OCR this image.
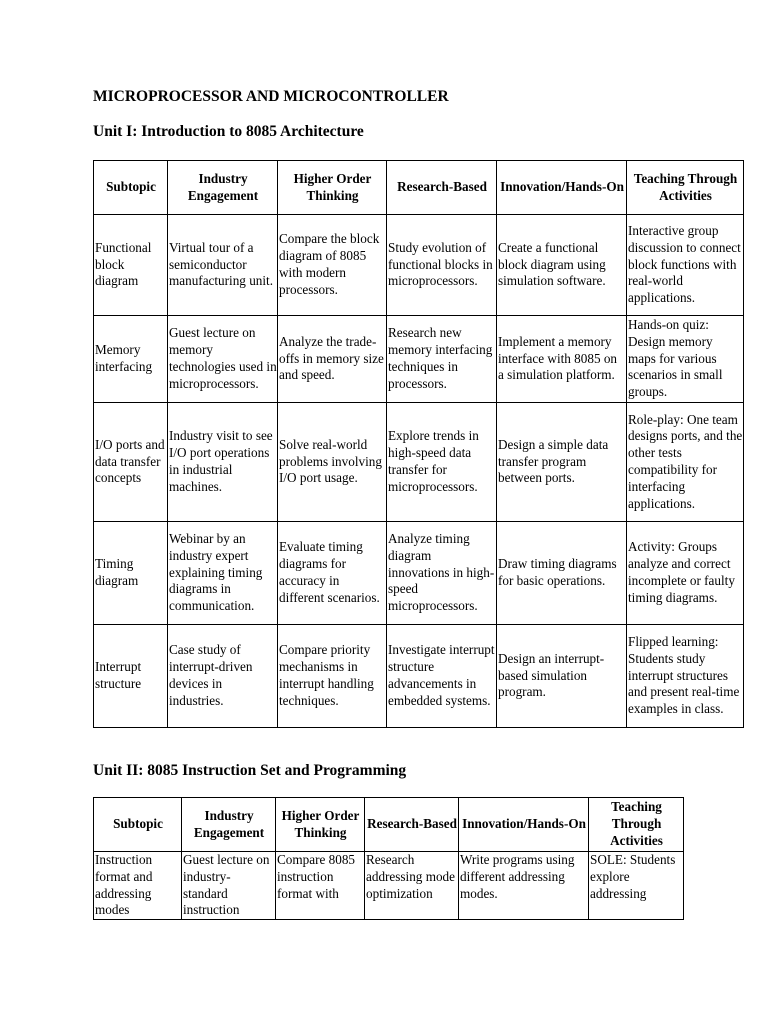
MICROPROCESSOR AND MICROCONTROLLER
Unit I: Introduction to 8085 Architecture
Subtopic	Industry Engagement	Higher Order Thinking	Research-Based	Innovation/Hands-On	Teaching Through Activities
Functional block diagram	Virtual tour of a semiconductor manufacturing unit.	Compare the block diagram of 8085 with modern processors.	Study evolution of functional blocks in microprocessors.	Create a functional block diagram using simulation software.	Interactive group discussion to connect block functions with real-world applications.
Memory interfacing	Guest lecture on memory technologies used in microprocessors.	Analyze the trade-offs in memory size and speed.	Research new memory interfacing techniques in processors.	Implement a memory interface with 8085 on a simulation platform.	Hands-on quiz: Design memory maps for various scenarios in small groups.
I/O ports and data transfer concepts	Industry visit to see I/O port operations in industrial machines.	Solve real-world problems involving I/O port usage.	Explore trends in high-speed data transfer for microprocessors.	Design a simple data transfer program between ports.	Role-play: One team designs ports, and the other tests compatibility for interfacing applications.
Timing diagram	Webinar by an industry expert explaining timing diagrams in communication.	Evaluate timing diagrams for accuracy in different scenarios.	Analyze timing diagram innovations in high-speed microprocessors.	Draw timing diagrams for basic operations.	Activity: Groups analyze and correct incomplete or faulty timing diagrams.
Interrupt structure	Case study of interrupt-driven devices in industries.	Compare priority mechanisms in interrupt handling techniques.	Investigate interrupt structure advancements in embedded systems.	Design an interrupt-based simulation program.	Flipped learning: Students study interrupt structures and present real-time examples in class.
Unit II: 8085 Instruction Set and Programming
Subtopic	Industry Engagement	Higher Order Thinking	Research-Based	Innovation/Hands-On	Teaching Through Activities
Instruction format and addressing modes	Guest lecture on industry-standard instruction	Compare 8085 instruction format with	Research addressing mode optimization	Write programs using different addressing modes.	SOLE: Students explore addressing
